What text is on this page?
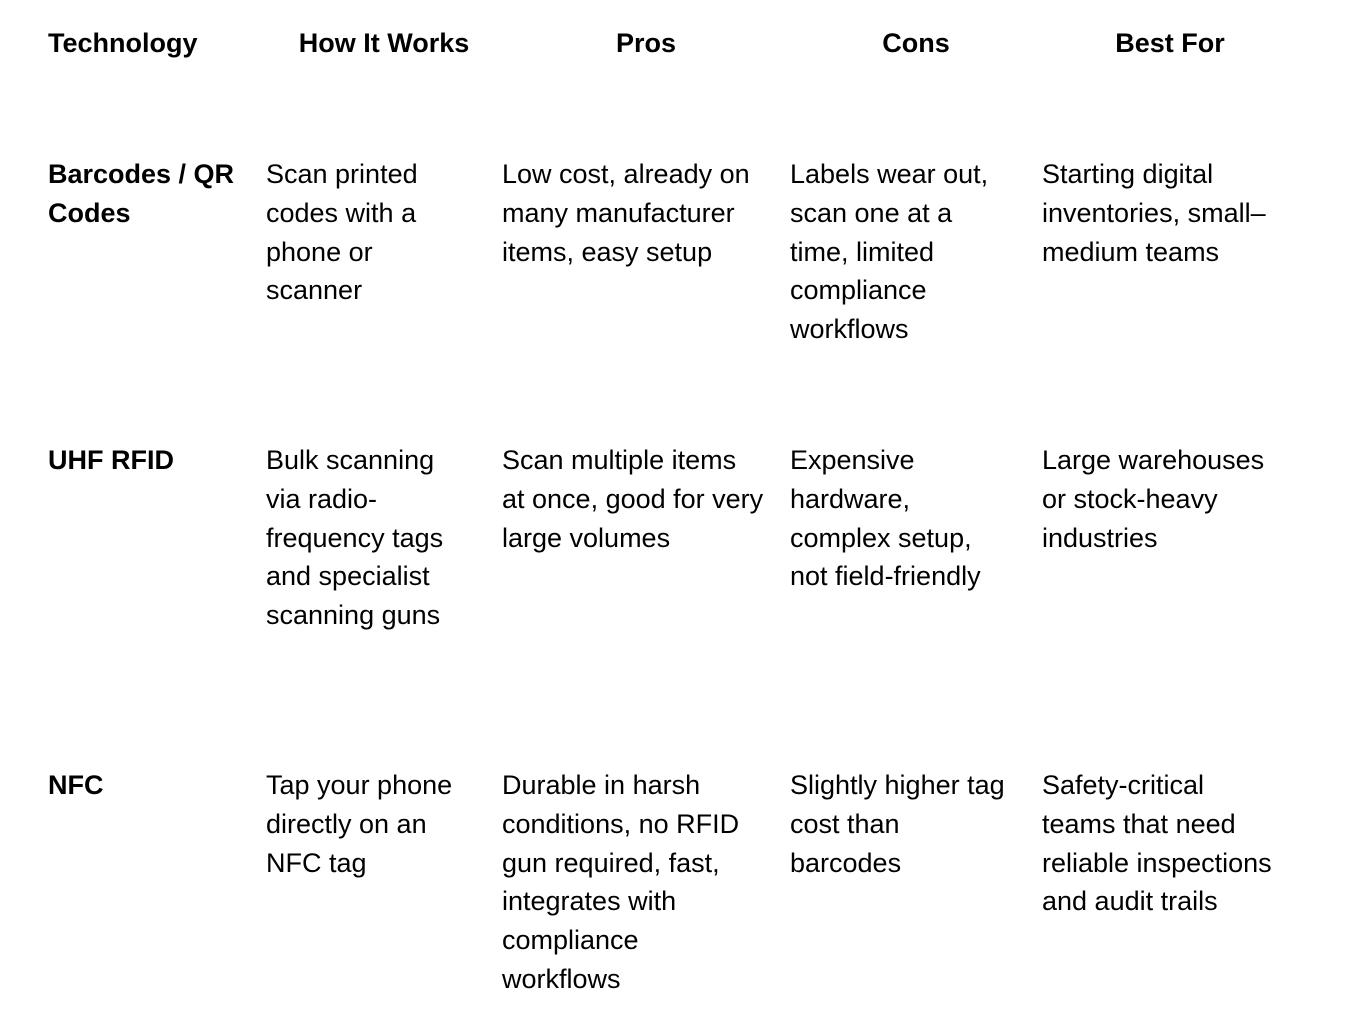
Technology	How It Works	Pros	Cons	Best For
Barcodes / QR Codes	Scan printed codes with a phone or scanner	Low cost, already on many manufacturer items, easy setup	Labels wear out, scan one at a time, limited compliance workflows	Starting digital inventories, small–medium teams
UHF RFID	Bulk scanning via radio-frequency tags and specialist scanning guns	Scan multiple items at once, good for very large volumes	Expensive hardware, complex setup, not field-friendly	Large warehouses or stock-heavy industries
NFC	Tap your phone directly on an NFC tag	Durable in harsh conditions, no RFID gun required, fast, integrates with compliance workflows	Slightly higher tag cost than barcodes	Safety-critical teams that need reliable inspections and audit trails
